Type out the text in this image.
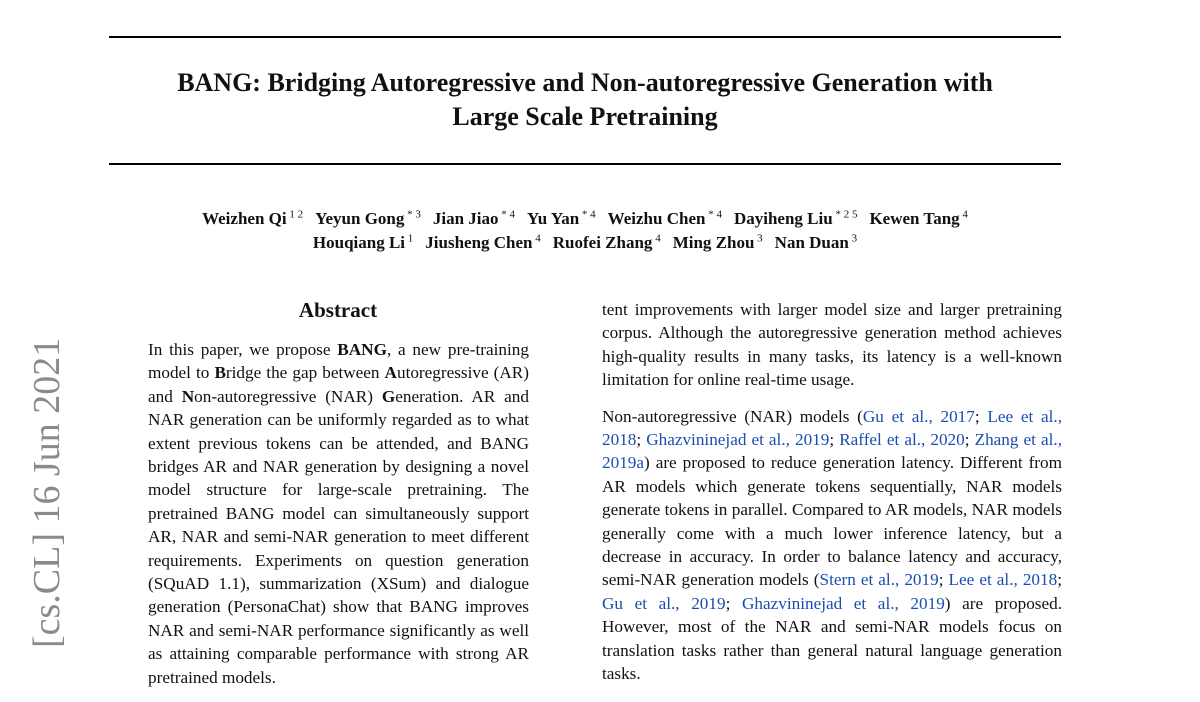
BANG: Bridging Autoregressive and Non-autoregressive Generation with
Large Scale Pretraining
Weizhen Qi $^{1 2}$ Yeyun Gong $^{* 3}$ Jian Jiao $^{* 4}$ Yu Yan $^{* 4}$ Weizhu Chen $^{* 4}$ Dayiheng Liu $^{* 2 5}$ Kewen Tang $^4$
Houqiang Li $^1$ Jiusheng Chen $^4$ Ruofei Zhang $^4$ Ming Zhou $^3$ Nan Duan $^3$
[cs.CL] 16 Jun 2021
Abstract

In this paper, we propose BANG, a new pre-training model to Bridge the gap between Autoregressive (AR) and Non-autoregressive (NAR) Generation. AR and NAR generation can be uniformly regarded as to what extent previous tokens can be attended, and BANG bridges AR and NAR generation by designing a novel model structure for large-scale pretraining. The pretrained BANG model can simultaneously support AR, NAR and semi-NAR generation to meet different requirements. Experiments on question generation (SQuAD 1.1), summarization (XSum) and dialogue generation (PersonaChat) show that BANG improves NAR and semi-NAR performance significantly as well as attaining comparable performance with strong AR pretrained models.

tent improvements with larger model size and larger pretraining corpus. Although the autoregressive generation method achieves high-quality results in many tasks, its latency is a well-known limitation for online real-time usage.

Non-autoregressive (NAR) models (Gu et al., 2017; Lee et al., 2018; Ghazvininejad et al., 2019; Raffel et al., 2020; Zhang et al., 2019a) are proposed to reduce generation latency. Different from AR models which generate tokens sequentially, NAR models generate tokens in parallel. Compared to AR models, NAR models generally come with a much lower inference latency, but a decrease in accuracy. In order to balance latency and accuracy, semi-NAR generation models (Stern et al., 2019; Lee et al., 2018; Gu et al., 2019; Ghazvininejad et al., 2019) are proposed. However, most of the NAR and semi-NAR models focus on translation tasks rather than general natural language generation tasks.
